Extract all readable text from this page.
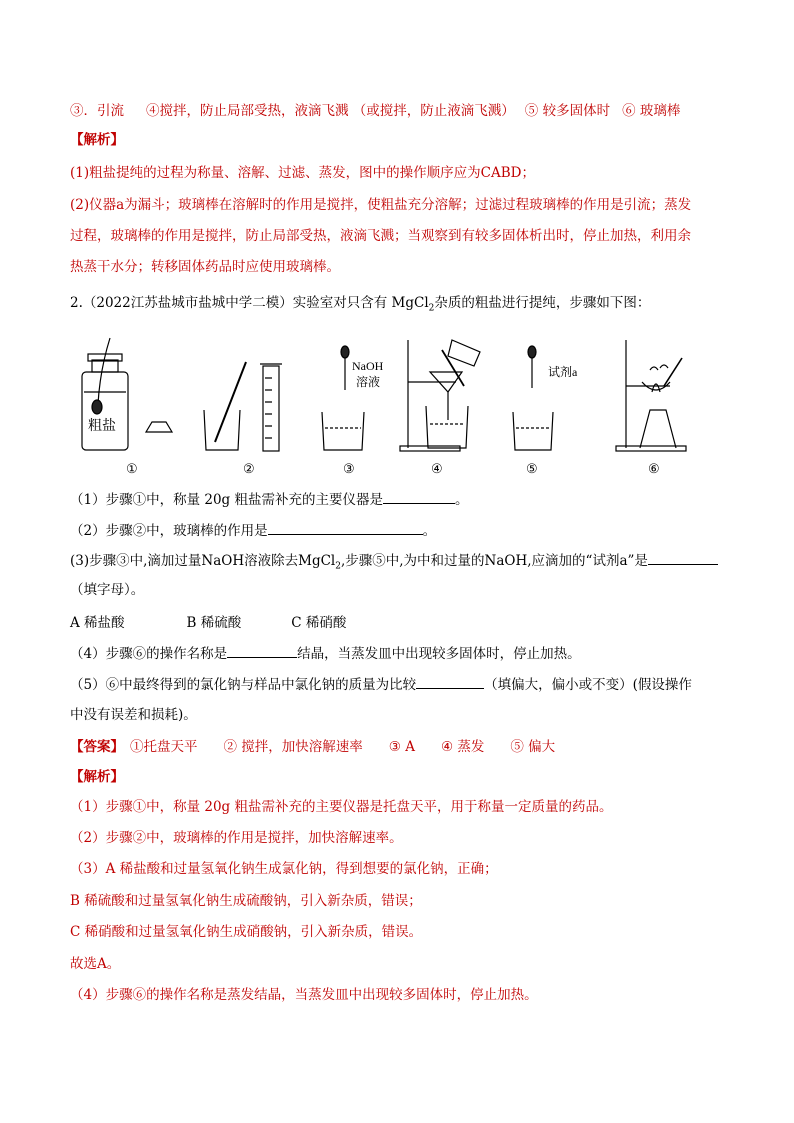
③．引流 ④搅拌，防止局部受热，液滴飞溅 （或搅拌，防止液滴飞溅） ⑤ 较多固体时 ⑥ 玻璃棒
【解析】
(1)粗盐提纯的过程为称量、溶解、过滤、蒸发，图中的操作顺序应为CABD；
(2)仪器a为漏斗；玻璃棒在溶解时的作用是搅拌，使粗盐充分溶解；过滤过程玻璃棒的作用是引流；蒸发
过程，玻璃棒的作用是搅拌，防止局部受热，液滴飞溅；当观察到有较多固体析出时，停止加热，利用余
热蒸干水分；转移固体药品时应使用玻璃棒。
2.（2022江苏盐城市盐城中学二模）实验室对只含有 MgCl$_2$杂质的粗盐进行提纯，步骤如下图：
粗盐
NaOH
溶液
试剂a
①	②	③	④	⑤	⑥
（1）步骤①中，称量 20g 粗盐需补充的主要仪器是	。
（2）步骤②中，玻璃棒的作用是	。
(3)步骤③中,滴加过量NaOH溶液除去MgCl$_2$,步骤⑤中,为中和过量的NaOH,应滴加的“试剂a”是
（填字母）。
A 稀盐酸	B 稀硫酸	C 稀硝酸
（4）步骤⑥的操作名称是	结晶，当蒸发皿中出现较多固体时，停止加热。
（5）⑥中最终得到的氯化钠与样品中氯化钠的质量为比较	（填偏大，偏小或不变）(假设操作
中没有误差和损耗)。
【答案】 ①托盘天平 ② 搅拌，加快溶解速率 ③ A ④ 蒸发 ⑤ 偏大
【解析】
（1）步骤①中，称量 20g 粗盐需补充的主要仪器是托盘天平，用于称量一定质量的药品。
（2）步骤②中，玻璃棒的作用是搅拌，加快溶解速率。
（3）A 稀盐酸和过量氢氧化钠生成氯化钠，得到想要的氯化钠，正确；
B 稀硫酸和过量氢氧化钠生成硫酸钠，引入新杂质，错误；
C 稀硝酸和过量氢氧化钠生成硝酸钠，引入新杂质，错误。
故选A。
（4）步骤⑥的操作名称是蒸发结晶，当蒸发皿中出现较多固体时，停止加热。
